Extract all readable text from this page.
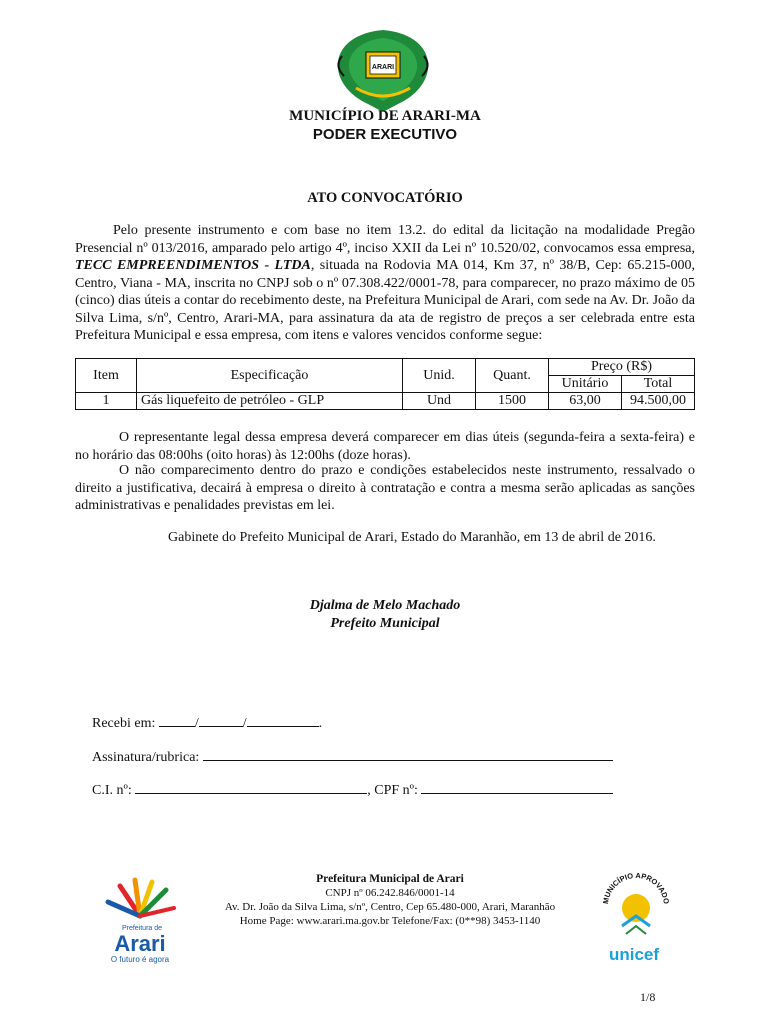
ARARI
MUNICÍPIO DE ARARI-MA
PODER EXECUTIVO
ATO CONVOCATÓRIO
Pelo presente instrumento e com base no item 13.2. do edital da licitação na modalidade Pregão Presencial nº 013/2016, amparado pelo artigo 4º, inciso XXII da Lei nº 10.520/02, convocamos essa empresa, TECC EMPREENDIMENTOS - LTDA, situada na Rodovia MA 014, Km 37, nº 38/B, Cep: 65.215-000, Centro, Viana - MA, inscrita no CNPJ sob o nº 07.308.422/0001-78, para comparecer, no prazo máximo de 05 (cinco) dias úteis a contar do recebimento deste, na Prefeitura Municipal de Arari, com sede na Av. Dr. João da Silva Lima, s/nº, Centro, Arari-MA, para assinatura da ata de registro de preços a ser celebrada entre esta Prefeitura Municipal e essa empresa, com itens e valores vencidos conforme segue:
Item	Especificação	Unid.	Quant.	Preço (R$)	
				Unitário	Total
1	Gás liquefeito de petróleo - GLP	Und	1500	63,00	94.500,00
O representante legal dessa empresa deverá comparecer em dias úteis (segunda-feira a sexta-feira) e no horário das 08:00hs (oito horas) às 12:00hs (doze horas).
O não comparecimento dentro do prazo e condições estabelecidos neste instrumento, ressalvado o direito a justificativa, decairá à empresa o direito à contratação e contra a mesma serão aplicadas as sanções administrativas e penalidades previstas em lei.
Gabinete do Prefeito Municipal de Arari, Estado do Maranhão, em 13 de abril de 2016.
Djalma de Melo Machado
Prefeito Municipal
Recebi em:	/	/	.
Assinatura/rubrica:
C.I. nº:	, CPF nº:
Prefeitura de
Arari
O futuro é agora
Prefeitura Municipal de Arari
CNPJ nº 06.242.846/0001-14
Av. Dr. João da Silva Lima, s/nº, Centro, Cep 65.480-000, Arari, Maranhão
Home Page: www.arari.ma.gov.br Telefone/Fax: (0**98) 3453-1140
MUNICÍPIO APROVADO
unicef
1/8
